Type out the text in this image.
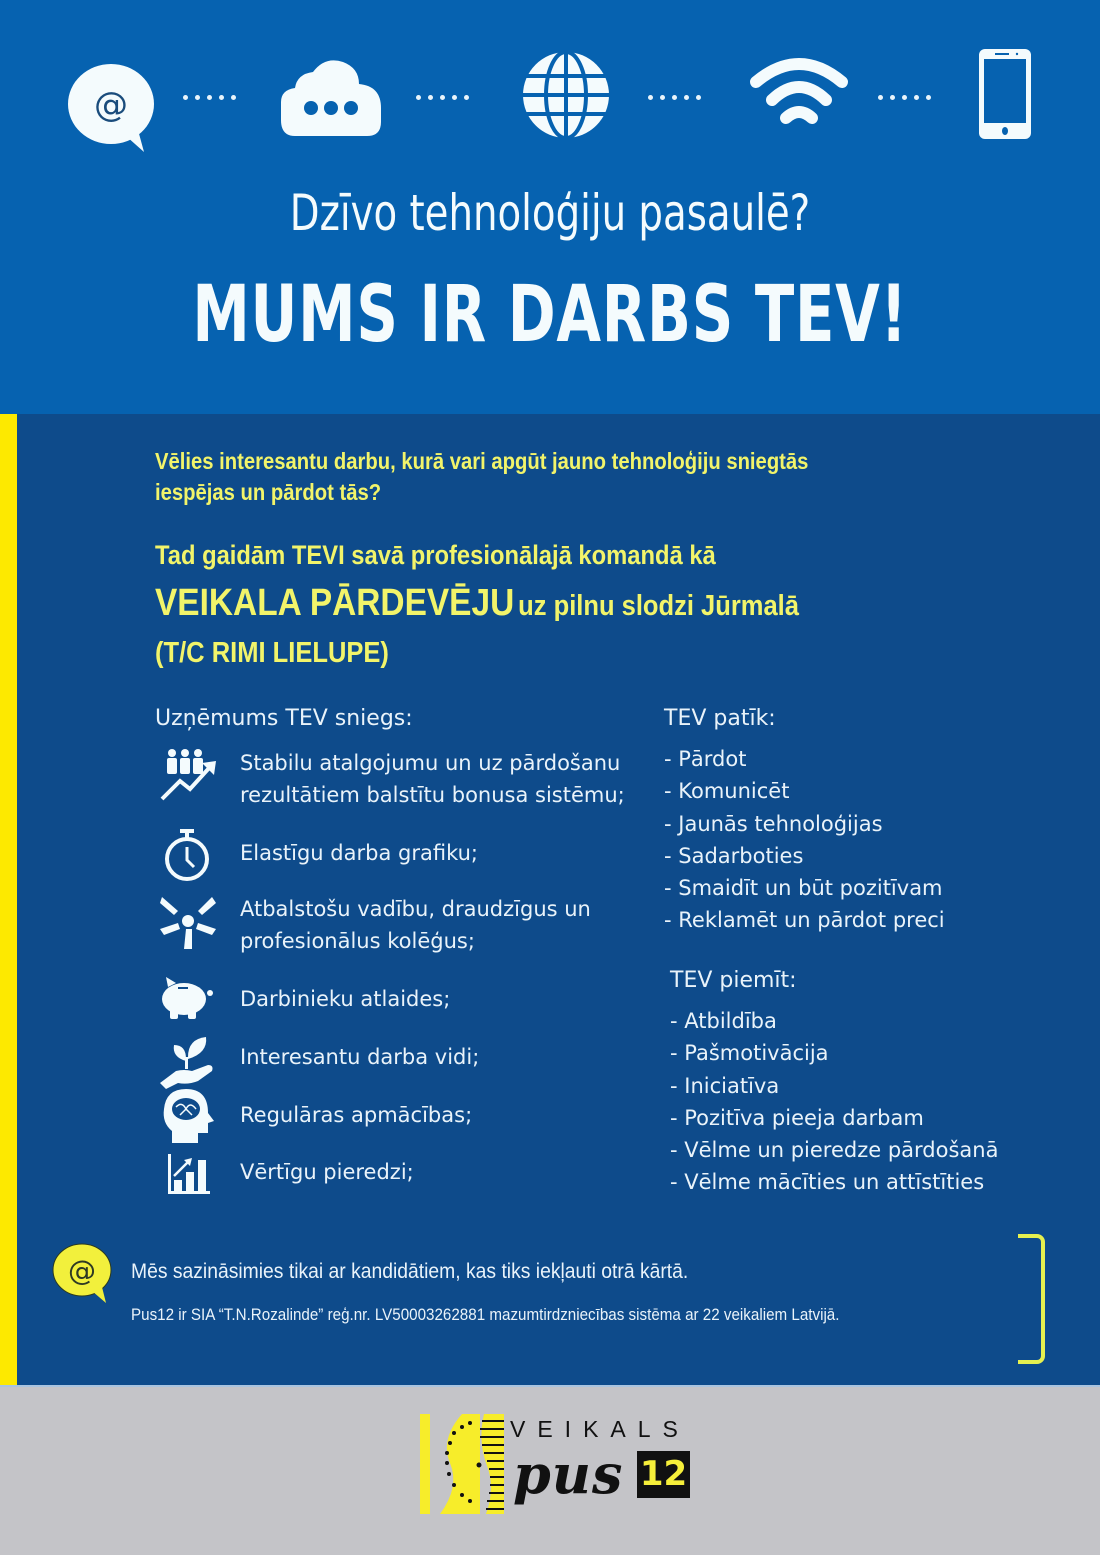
@
Dzīvo tehnoloģiju pasaulē?
MUMS IR DARBS TEV!
Vēlies interesantu darbu, kurā vari apgūt jauno tehnoloģiju sniegtās iespējas un pārdot tās?
Tad gaidām TEVI savā profesionālajā komandā kā
VEIKALA PĀRDEVĒJU uz pilnu slodzi Jūrmalā
(T/C RIMI LIELUPE)
Uzņēmums TEV sniegs:
Stabilu atalgojumu un uz pārdošanu rezultātiem balstītu bonusa sistēmu;
Elastīgu darba grafiku;
Atbalstošu vadību, draudzīgus un profesionālus kolēģus;
Darbinieku atlaides;
Interesantu darba vidi;
Regulāras apmācības;
Vērtīgu pieredzi;
TEV patīk:
- Pārdot
- Komunicēt
- Jaunās tehnoloģijas
- Sadarboties
- Smaidīt un būt pozitīvam
- Reklamēt un pārdot preci
TEV piemīt:
- Atbildība
- Pašmotivācija
- Iniciatīva
- Pozitīva pieeja darbam
- Vēlme un pieredze pārdošanā
- Vēlme mācīties un attīstīties
@ Mēs sazināsimies tikai ar kandidātiem, kas tiks iekļauti otrā kārtā.
Pus12 ir SIA “T.N.Rozalinde” reģ.nr. LV50003262881 mazumtirdzniecības sistēma ar 22 veikaliem Latvijā.
VEIKALS
pus 12
